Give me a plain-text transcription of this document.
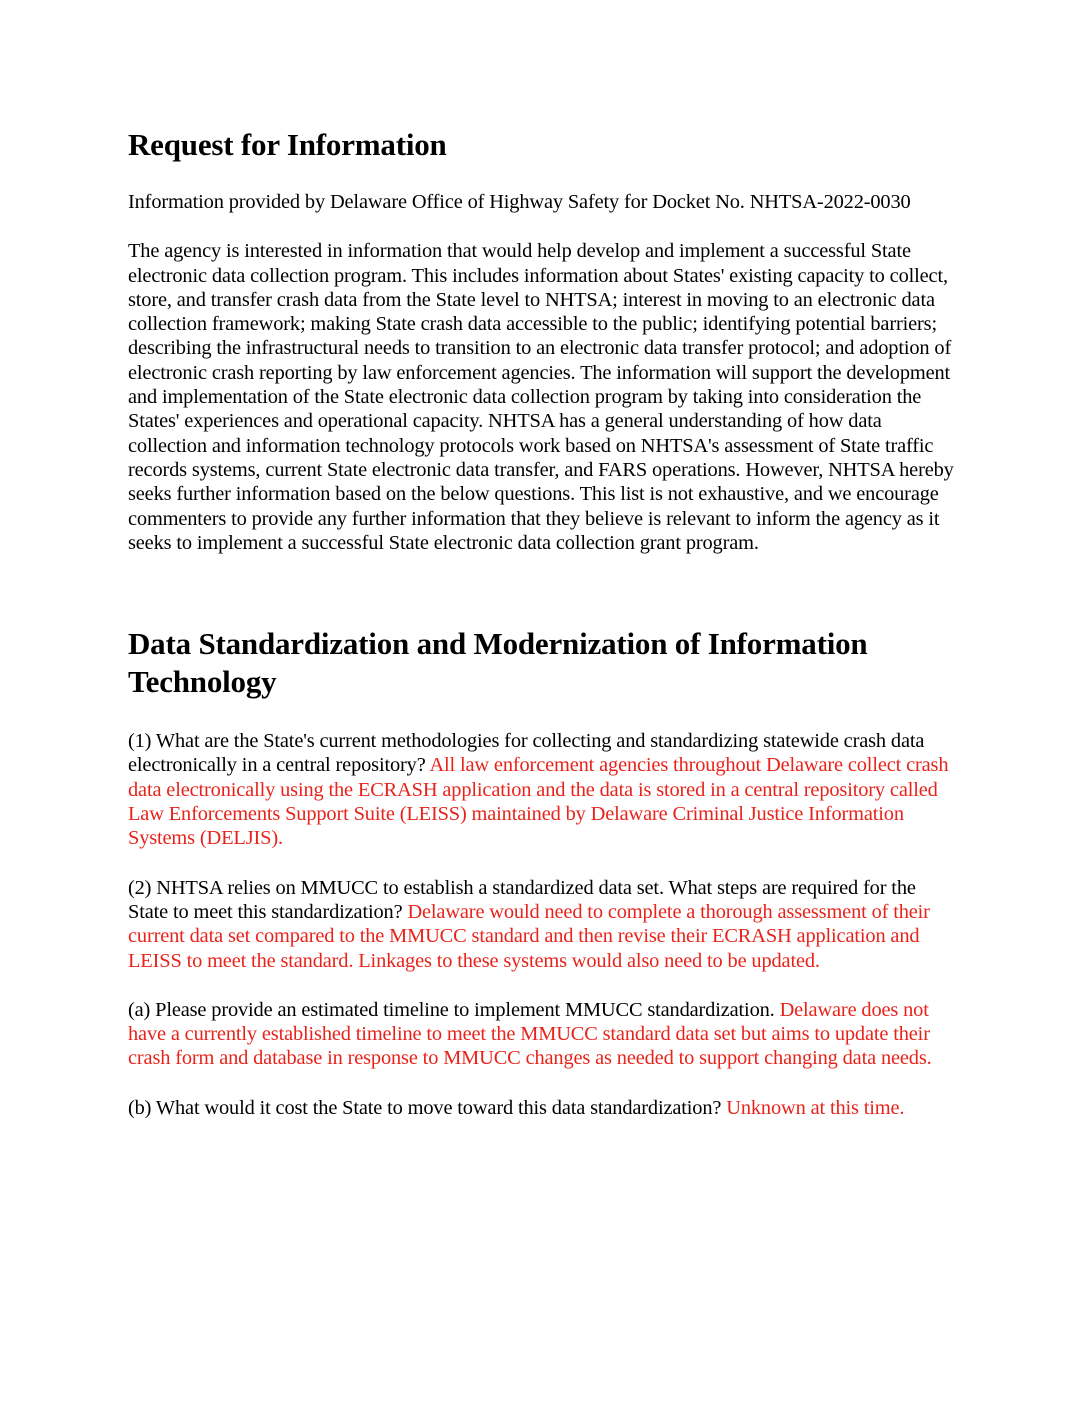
Request for Information

Information provided by Delaware Office of Highway Safety for Docket No. NHTSA-2022-0030

The agency is interested in information that would help develop and implement a successful State electronic data collection program. This includes information about States' existing capacity to collect, store, and transfer crash data from the State level to NHTSA; interest in moving to an electronic data collection framework; making State crash data accessible to the public; identifying potential barriers; describing the infrastructural needs to transition to an electronic data transfer protocol; and adoption of electronic crash reporting by law enforcement agencies. The information will support the development and implementation of the State electronic data collection program by taking into consideration the States' experiences and operational capacity. NHTSA has a general understanding of how data collection and information technology protocols work based on NHTSA's assessment of State traffic records systems, current State electronic data transfer, and FARS operations. However, NHTSA hereby seeks further information based on the below questions. This list is not exhaustive, and we encourage commenters to provide any further information that they believe is relevant to inform the agency as it seeks to implement a successful State electronic data collection grant program.

Data Standardization and Modernization of Information Technology

(1) What are the State's current methodologies for collecting and standardizing statewide crash data electronically in a central repository? All law enforcement agencies throughout Delaware collect crash data electronically using the ECRASH application and the data is stored in a central repository called Law Enforcements Support Suite (LEISS) maintained by Delaware Criminal Justice Information Systems (DELJIS).

(2) NHTSA relies on MMUCC to establish a standardized data set. What steps are required for the State to meet this standardization? Delaware would need to complete a thorough assessment of their current data set compared to the MMUCC standard and then revise their ECRASH application and LEISS to meet the standard. Linkages to these systems would also need to be updated.

(a) Please provide an estimated timeline to implement MMUCC standardization. Delaware does not have a currently established timeline to meet the MMUCC standard data set but aims to update their crash form and database in response to MMUCC changes as needed to support changing data needs.

(b) What would it cost the State to move toward this data standardization? Unknown at this time.
